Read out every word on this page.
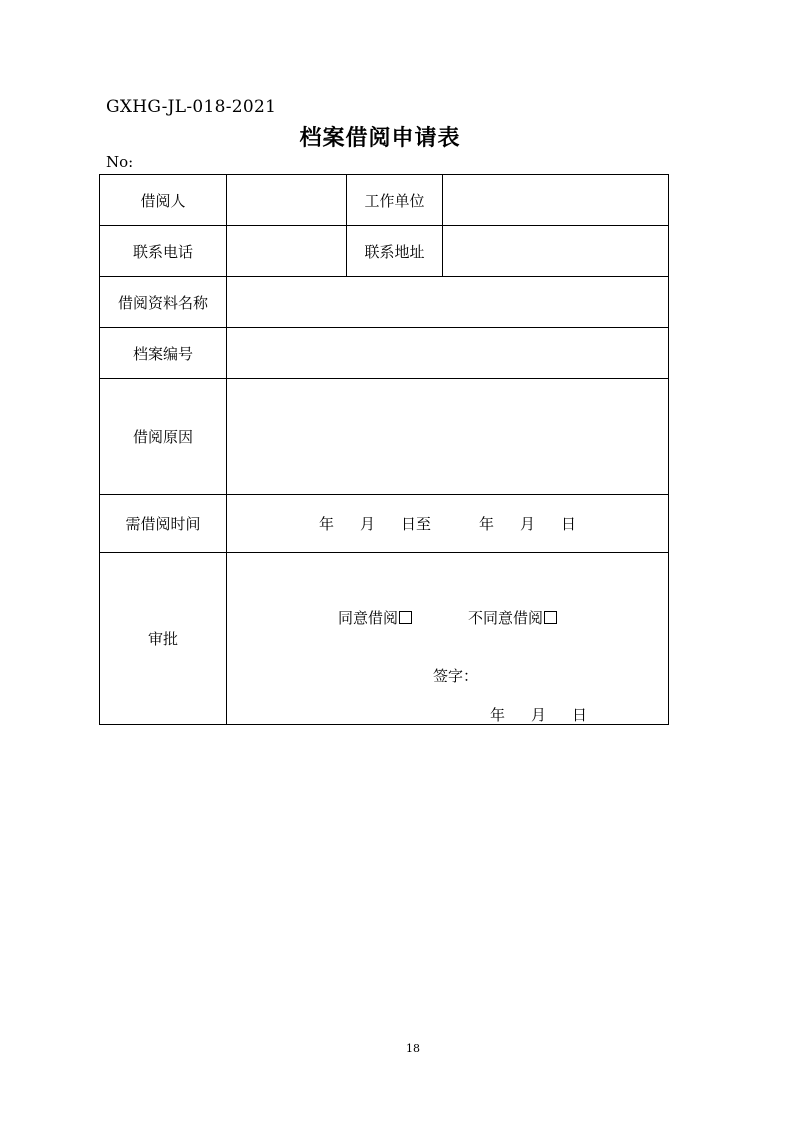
GXHG-JL-018-2021
档案借阅申请表
No:
借阅人		工作单位	
联系电话		联系地址	
借阅资料名称			
档案编号			
借阅原因			
需借阅时间	年 月 日至 年 月 日		
审批	同意借阅 不同意借阅
签字：
年 月 日		
18
